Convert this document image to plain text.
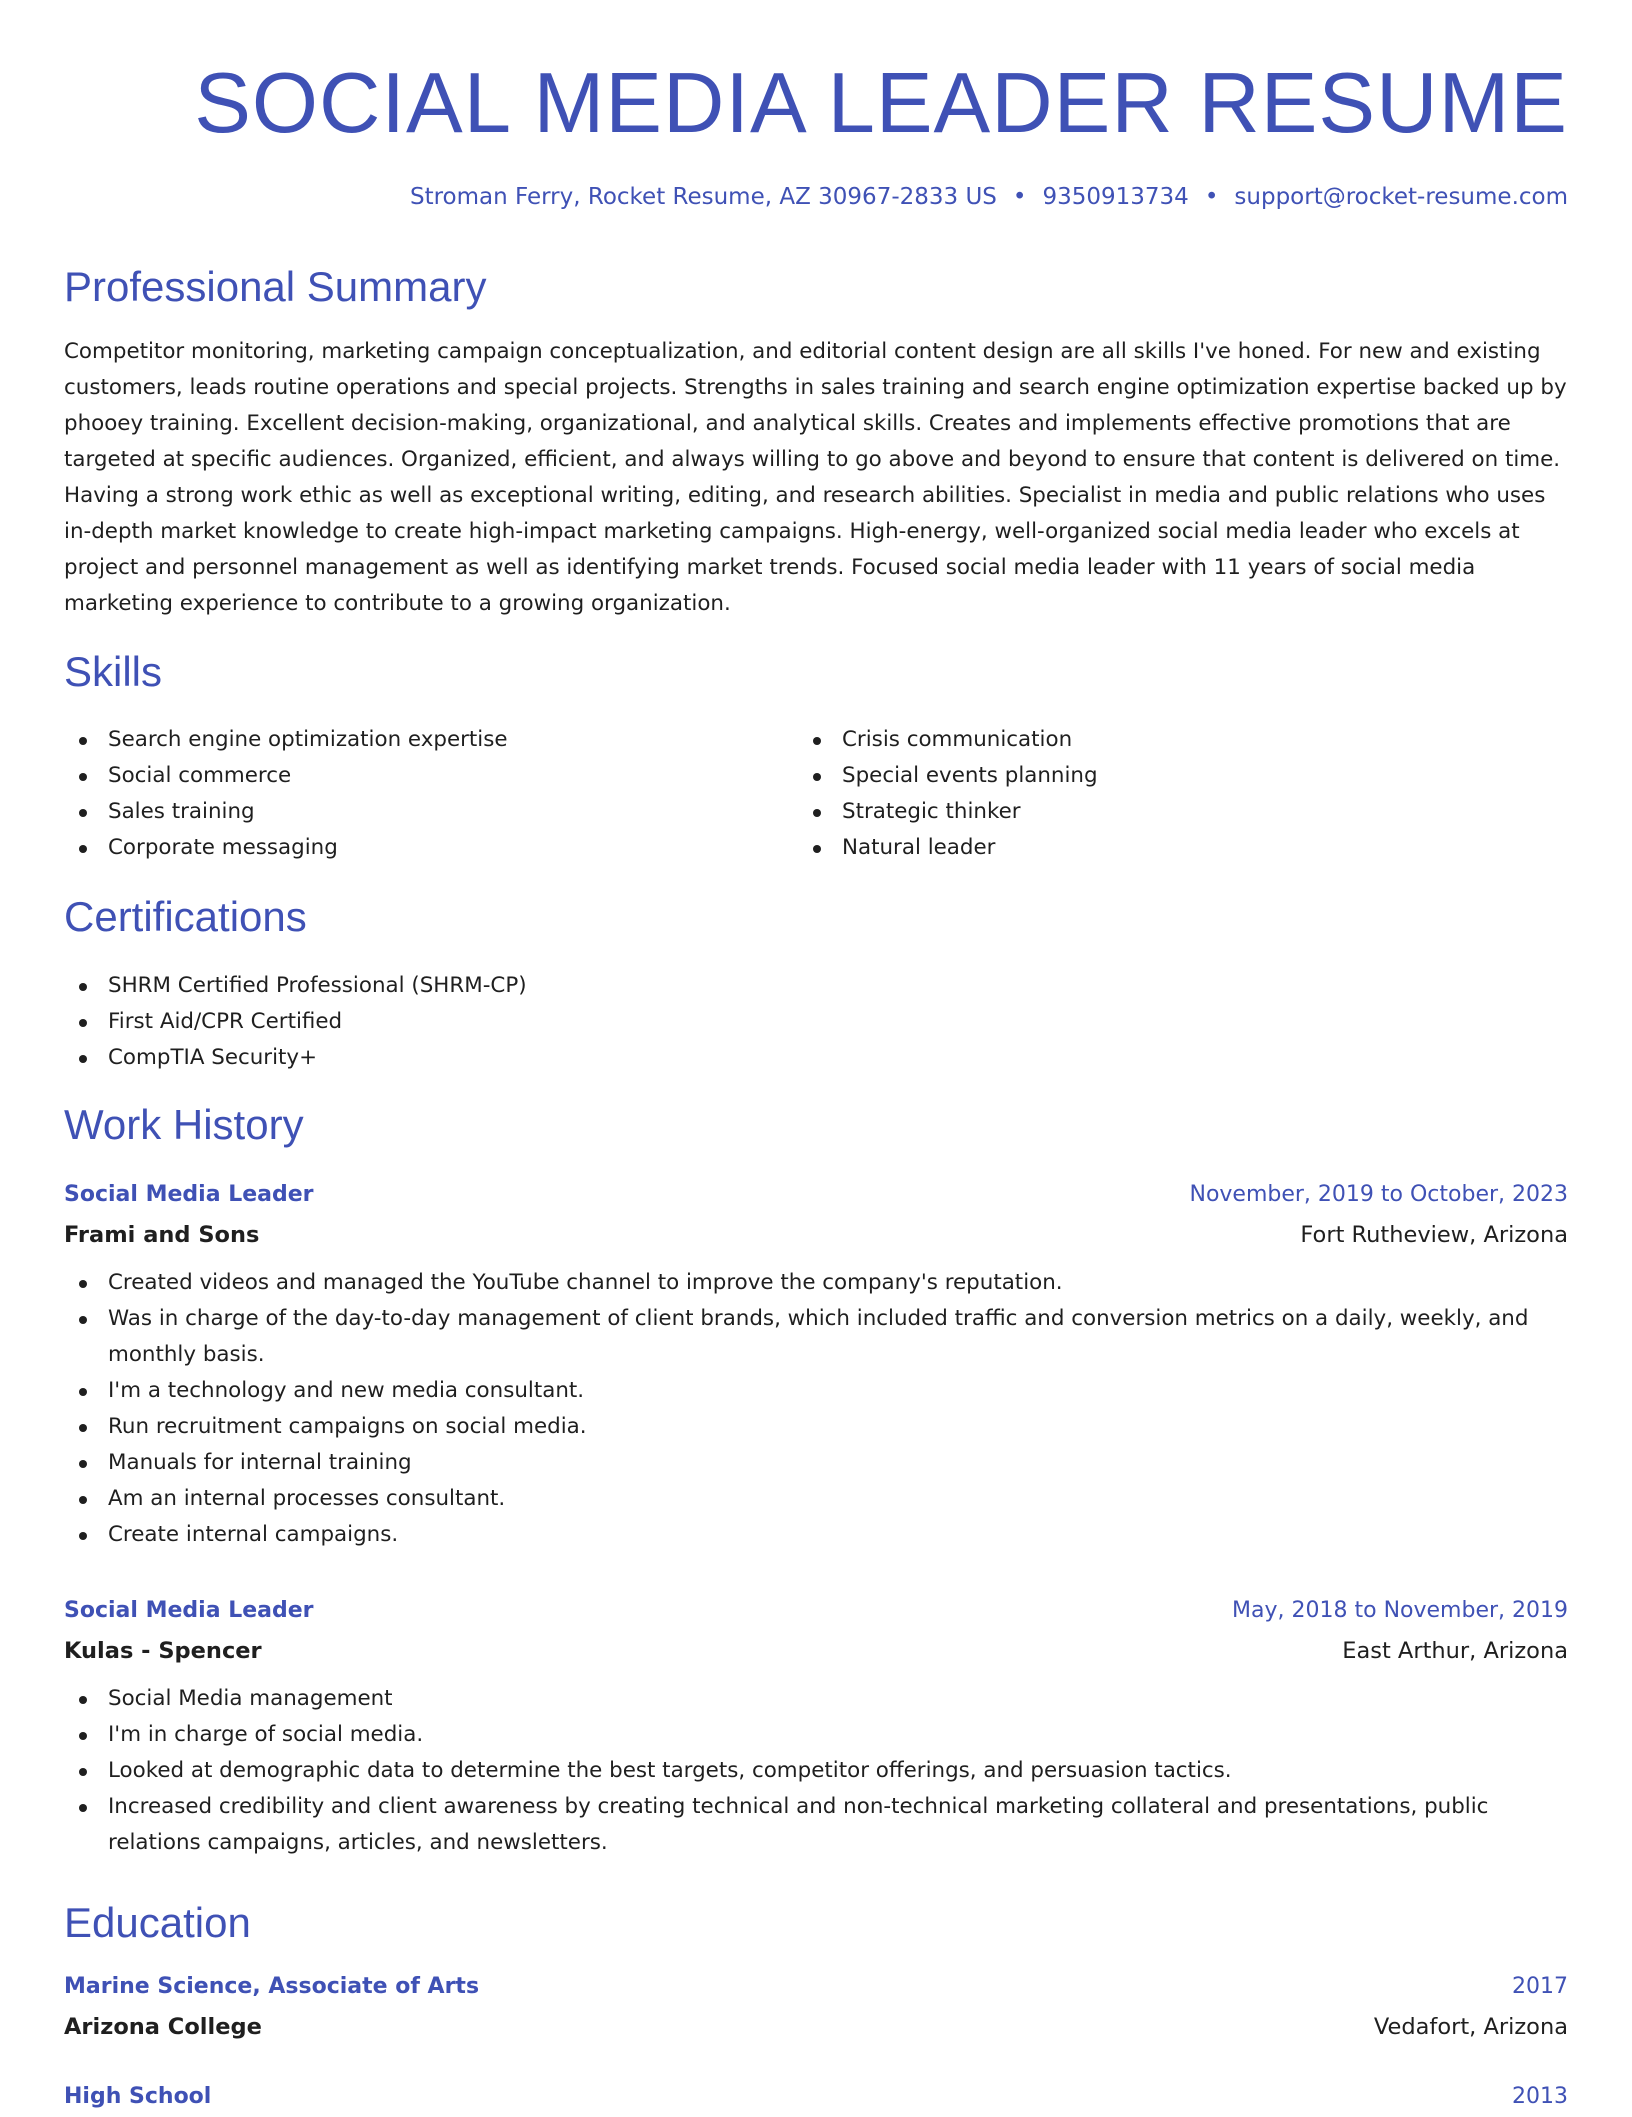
SOCIAL MEDIA LEADER RESUME
Stroman Ferry, Rocket Resume, AZ 30967-2833 US • 9350913734 • support@rocket-resume.com
Professional Summary

Competitor monitoring, marketing campaign conceptualization, and editorial content design are all skills I've honed. For new and existing customers, leads routine operations and special projects. Strengths in sales training and search engine optimization expertise backed up by phooey training. Excellent decision-making, organizational, and analytical skills. Creates and implements effective promotions that are targeted at specific audiences. Organized, efficient, and always willing to go above and beyond to ensure that content is delivered on time. Having a strong work ethic as well as exceptional writing, editing, and research abilities. Specialist in media and public relations who uses in-depth market knowledge to create high-impact marketing campaigns. High-energy, well-organized social media leader who excels at project and personnel management as well as identifying market trends. Focused social media leader with 11 years of social media marketing experience to contribute to a growing organization.

Skills
Search engine optimization expertise
Social commerce
Sales training
Corporate messaging
Crisis communication
Special events planning
Strategic thinker
Natural leader
Certifications
SHRM Certified Professional (SHRM-CP)
First Aid/CPR Certified
CompTIA Security+
Work History
Social Media Leader	November, 2019 to October, 2023
Frami and Sons	Fort Rutheview, Arizona
Created videos and managed the YouTube channel to improve the company's reputation.
Was in charge of the day-to-day management of client brands, which included traffic and conversion metrics on a daily, weekly, and monthly basis.
I'm a technology and new media consultant.
Run recruitment campaigns on social media.
Manuals for internal training
Am an internal processes consultant.
Create internal campaigns.
Social Media Leader	May, 2018 to November, 2019
Kulas - Spencer	East Arthur, Arizona
Social Media management
I'm in charge of social media.
Looked at demographic data to determine the best targets, competitor offerings, and persuasion tactics.
Increased credibility and client awareness by creating technical and non-technical marketing collateral and presentations, public relations campaigns, articles, and newsletters.
Education
Marine Science, Associate of Arts	2017
Arizona College	Vedafort, Arizona
High School	2013
